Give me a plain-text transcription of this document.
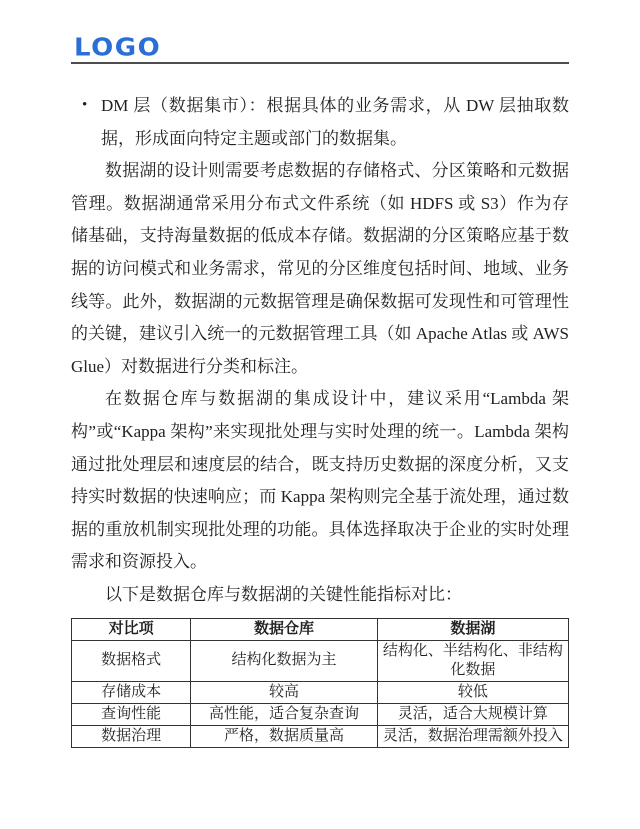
LOGO
• DM 层（数据集市）：根据具体的业务需求，从 DW 层抽取数据，形成面向特定主题或部门的数据集。

数据湖的设计则需要考虑数据的存储格式、分区策略和元数据管理。数据湖通常采用分布式文件系统（如 HDFS 或 S3）作为存储基础，支持海量数据的低成本存储。数据湖的分区策略应基于数据的访问模式和业务需求，常见的分区维度包括时间、地域、业务线等。此外，数据湖的元数据管理是确保数据可发现性和可管理性的关键，建议引入统一的元数据管理工具（如 Apache Atlas 或 AWS Glue）对数据进行分类和标注。

在数据仓库与数据湖的集成设计中，建议采用“Lambda 架构”或“Kappa 架构”来实现批处理与实时处理的统一。Lambda 架构通过批处理层和速度层的结合，既支持历史数据的深度分析，又支持实时数据的快速响应；而 Kappa 架构则完全基于流处理，通过数据的重放机制实现批处理的功能。具体选择取决于企业的实时处理需求和资源投入。

以下是数据仓库与数据湖的关键性能指标对比：

对比项	数据仓库	数据湖
数据格式	结构化数据为主	结构化、半结构化、非结构化数据
存储成本	较高	较低
查询性能	高性能，适合复杂查询	灵活，适合大规模计算
数据治理	严格，数据质量高	灵活，数据治理需额外投入
